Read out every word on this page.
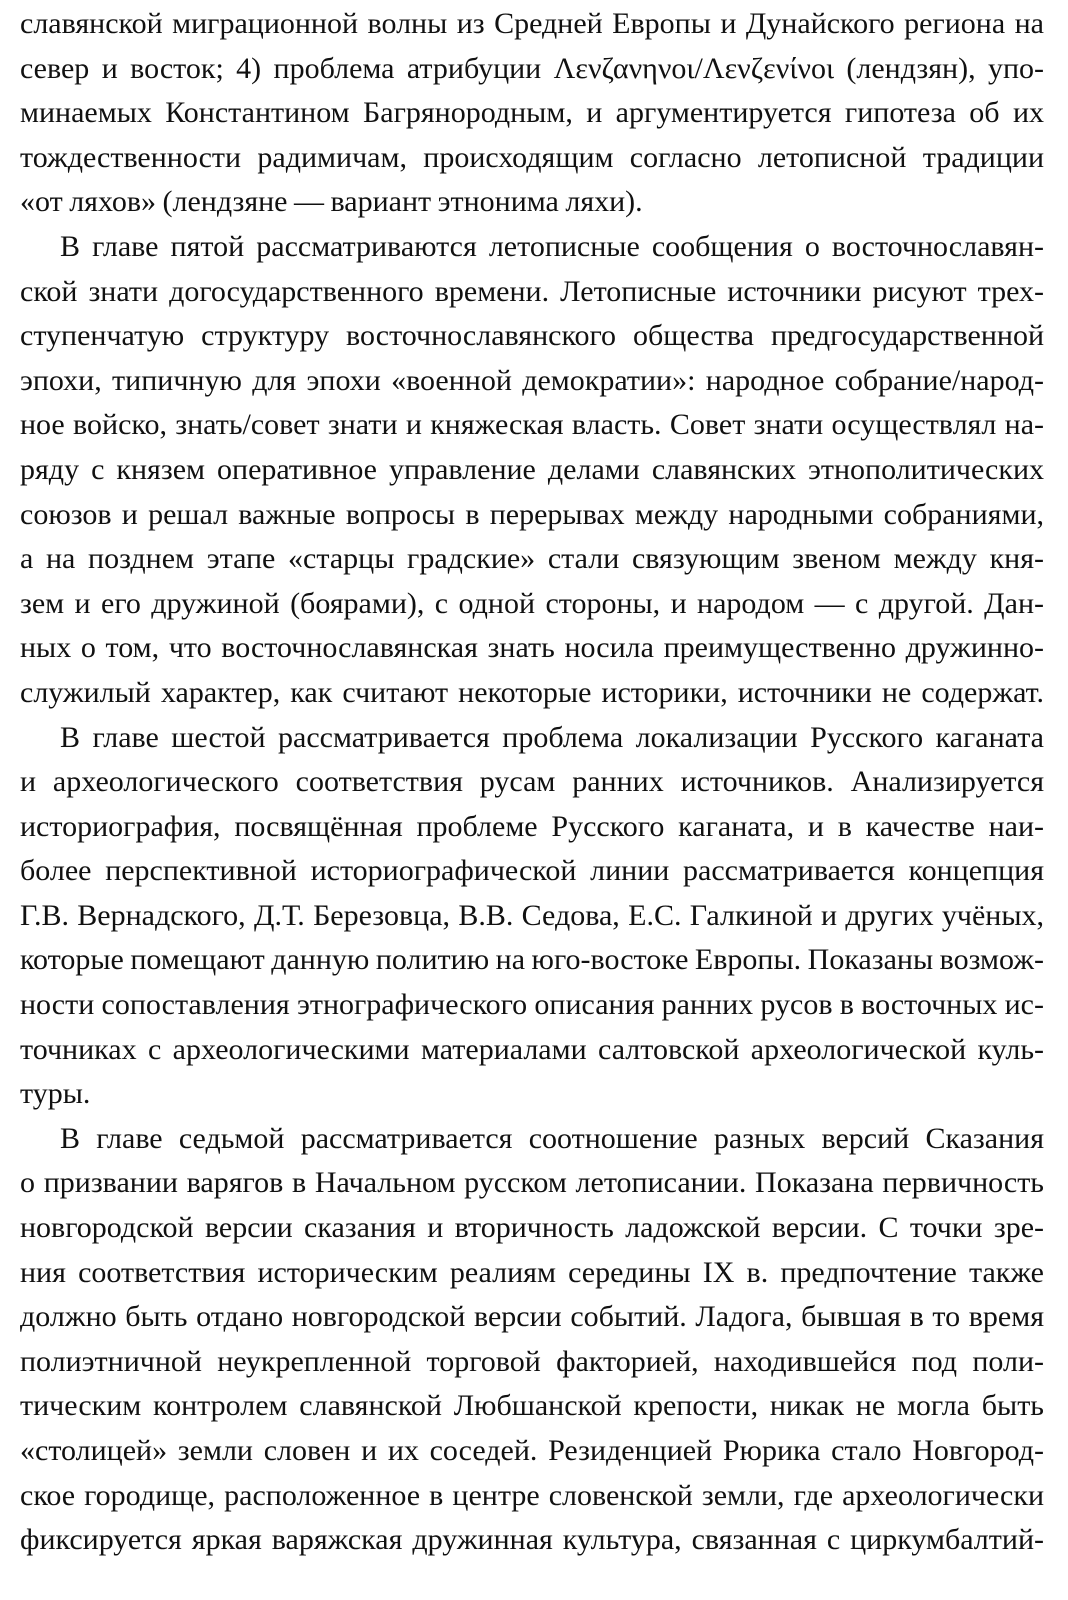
славянской миграционной волны из Средней Европы и Дунайского региона на
север и восток; 4) проблема атрибуции Λενζανηνοι/Λενζενίνοι (лендзян), упо-
минаемых Константином Багрянородным, и аргументируется гипотеза об их
тождественности радимичам, происходящим согласно летописной традиции
«от ляхов» (лендзяне — вариант этнонима ляхи).
В главе пятой рассматриваются летописные сообщения о восточнославян-
ской знати догосударственного времени. Летописные источники рисуют трех-
ступенчатую структуру восточнославянского общества предгосударственной
эпохи, типичную для эпохи «военной демократии»: народное собрание/народ-
ное войско, знать/совет знати и княжеская власть. Совет знати осуществлял на-
ряду с князем оперативное управление делами славянских этнополитических
союзов и решал важные вопросы в перерывах между народными собраниями,
а на позднем этапе «старцы градские» стали связующим звеном между кня-
зем и его дружиной (боярами), с одной стороны, и народом — с другой. Дан-
ных о том, что восточнославянская знать носила преимущественно дружинно-
служилый характер, как считают некоторые историки, источники не содержат.
В главе шестой рассматривается проблема локализации Русского каганата
и археологического соответствия русам ранних источников. Анализируется
историография, посвящённая проблеме Русского каганата, и в качестве наи-
более перспективной историографической линии рассматривается концепция
Г.В. Вернадского, Д.Т. Березовца, В.В. Седова, Е.С. Галкиной и других учёных,
которые помещают данную политию на юго-востоке Европы. Показаны возмож-
ности сопоставления этнографического описания ранних русов в восточных ис-
точниках с археологическими материалами салтовской археологической куль-
туры.
В главе седьмой рассматривается соотношение разных версий Сказания
о призвании варягов в Начальном русском летописании. Показана первичность
новгородской версии сказания и вторичность ладожской версии. С точки зре-
ния соответствия историческим реалиям середины IX в. предпочтение также
должно быть отдано новгородской версии событий. Ладога, бывшая в то время
полиэтничной неукрепленной торговой факторией, находившейся под поли-
тическим контролем славянской Любшанской крепости, никак не могла быть
«столицей» земли словен и их соседей. Резиденцией Рюрика стало Новгород-
ское городище, расположенное в центре словенской земли, где археологически
фиксируется яркая варяжская дружинная культура, связанная с циркумбалтий-
